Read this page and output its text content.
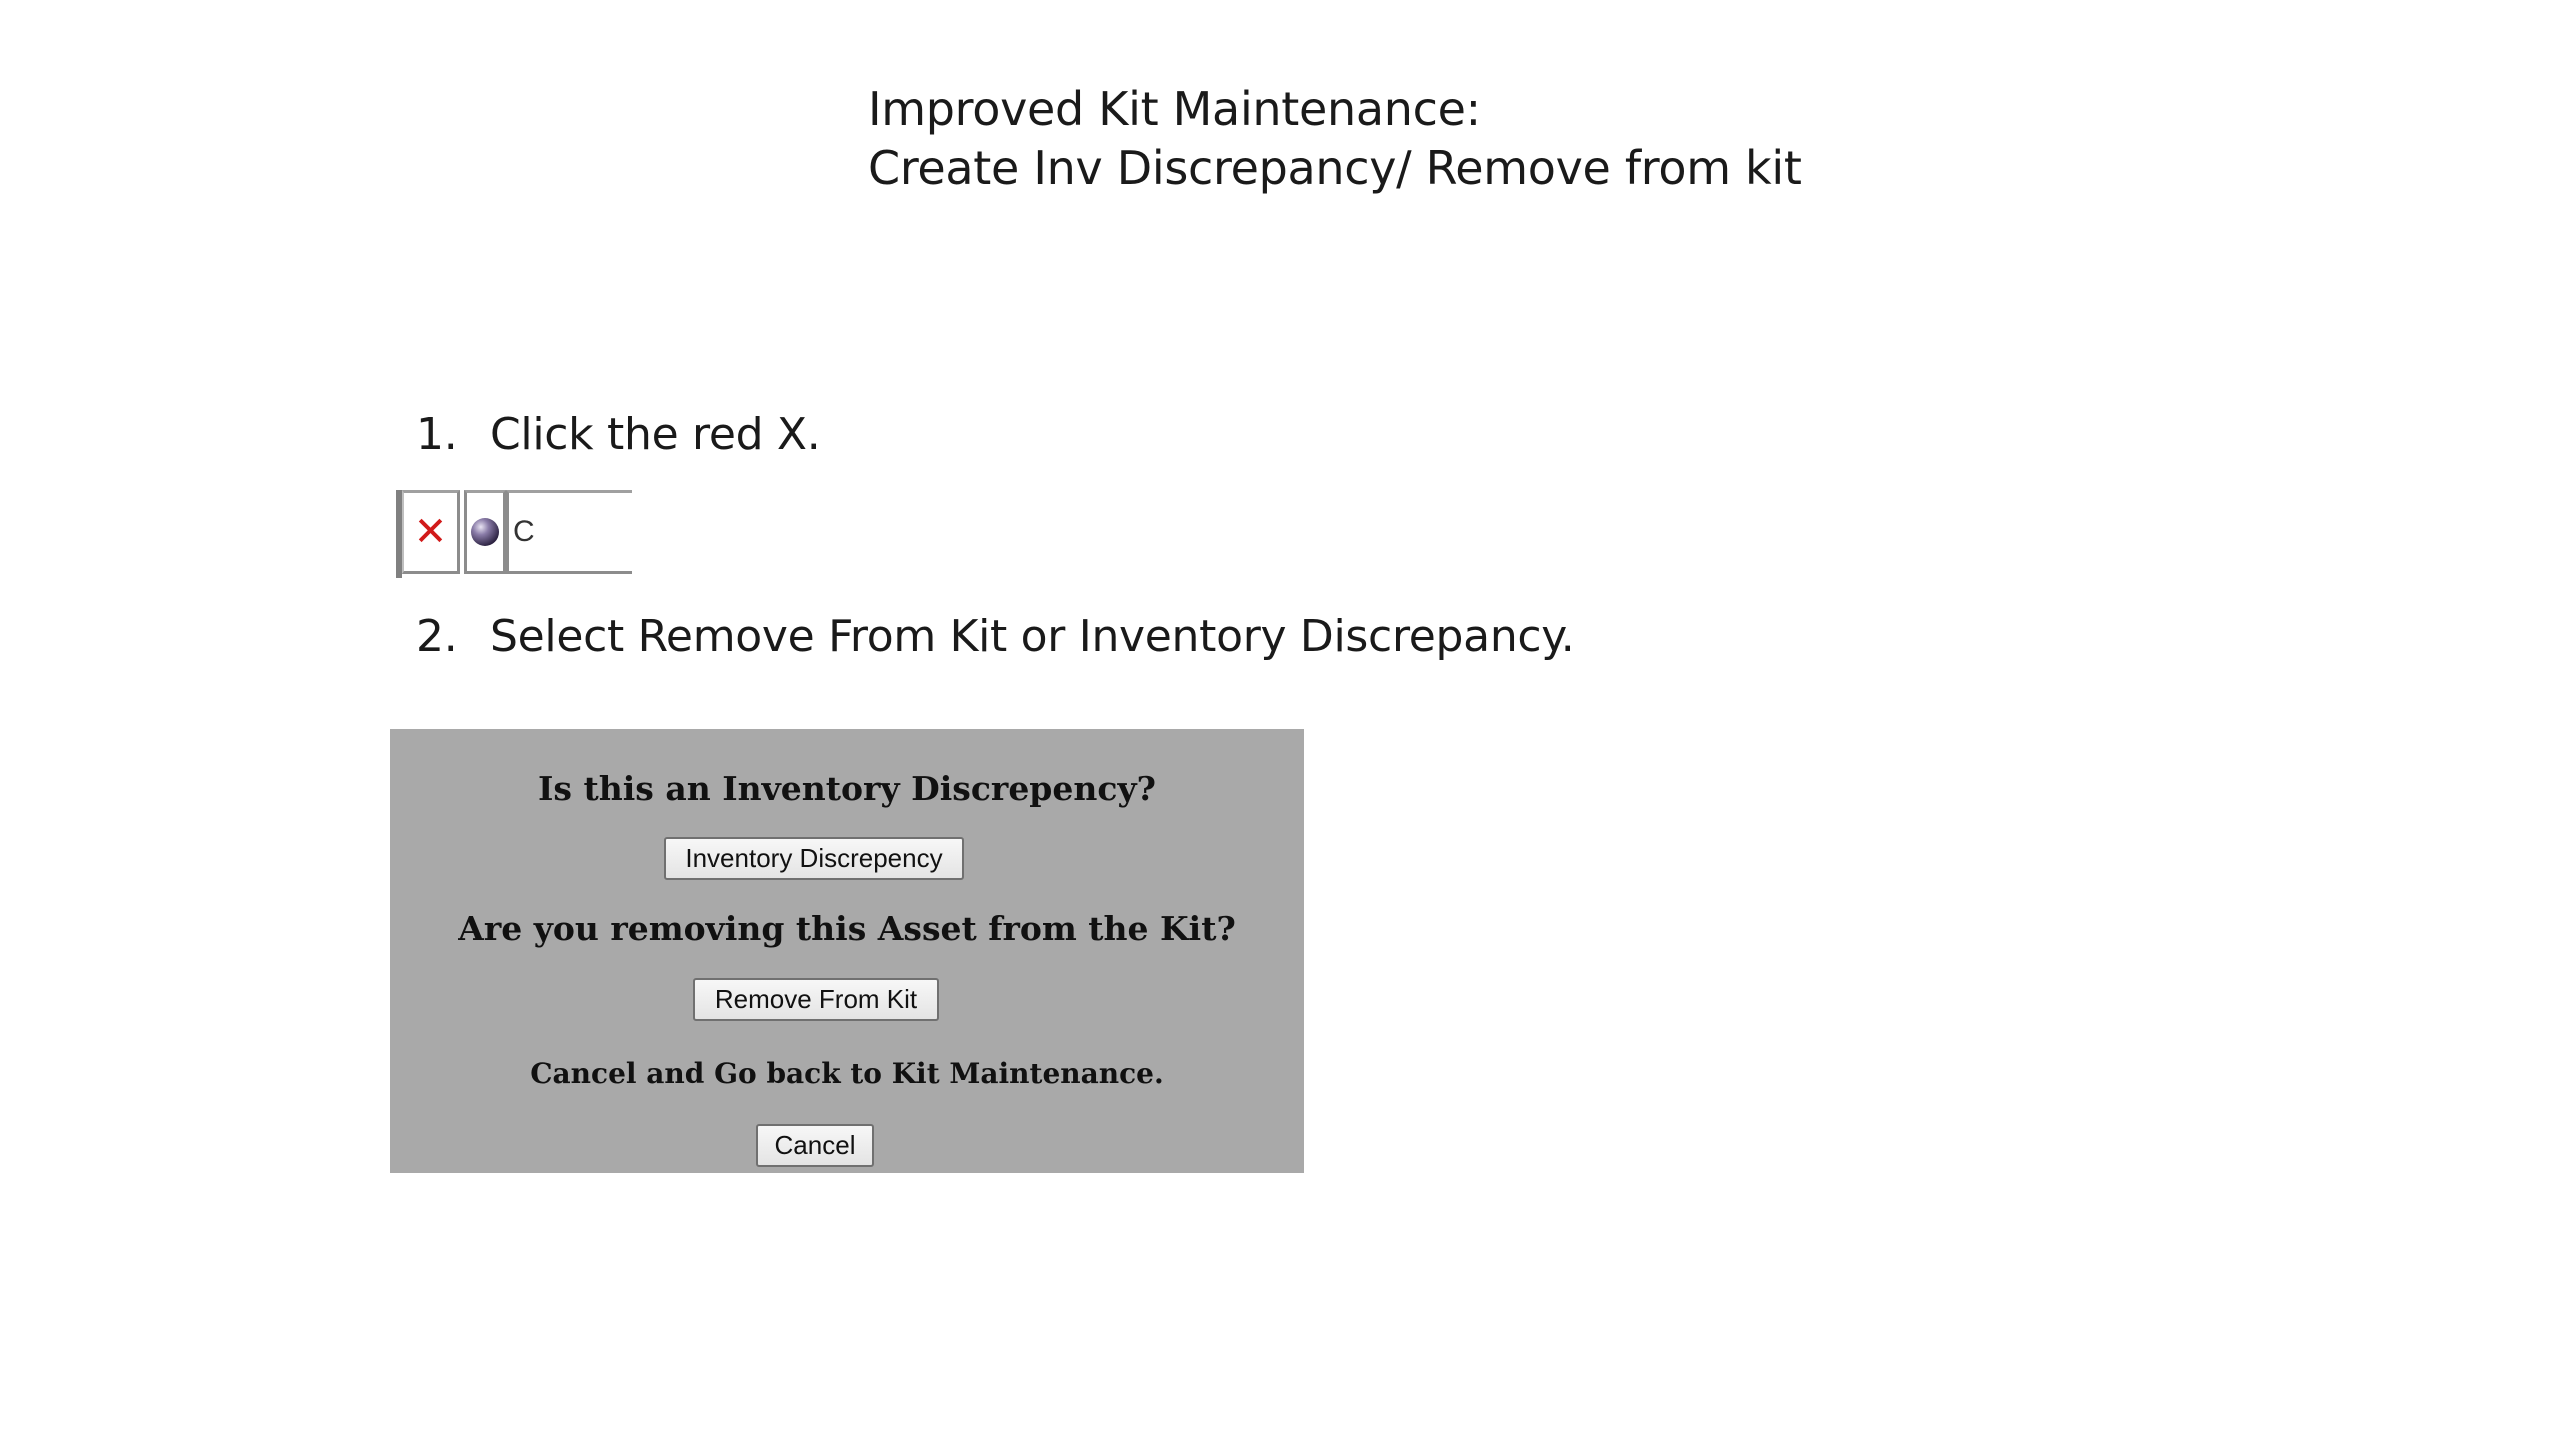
Improved Kit Maintenance:
Create Inv Discrepancy/ Remove from kit
1. Click the red X.
✕ C
2. Select Remove From Kit or Inventory Discrepancy.
Is this an Inventory Discrepency?
Inventory Discrepency
Are you removing this Asset from the Kit?
Remove From Kit
Cancel and Go back to Kit Maintenance.
Cancel
